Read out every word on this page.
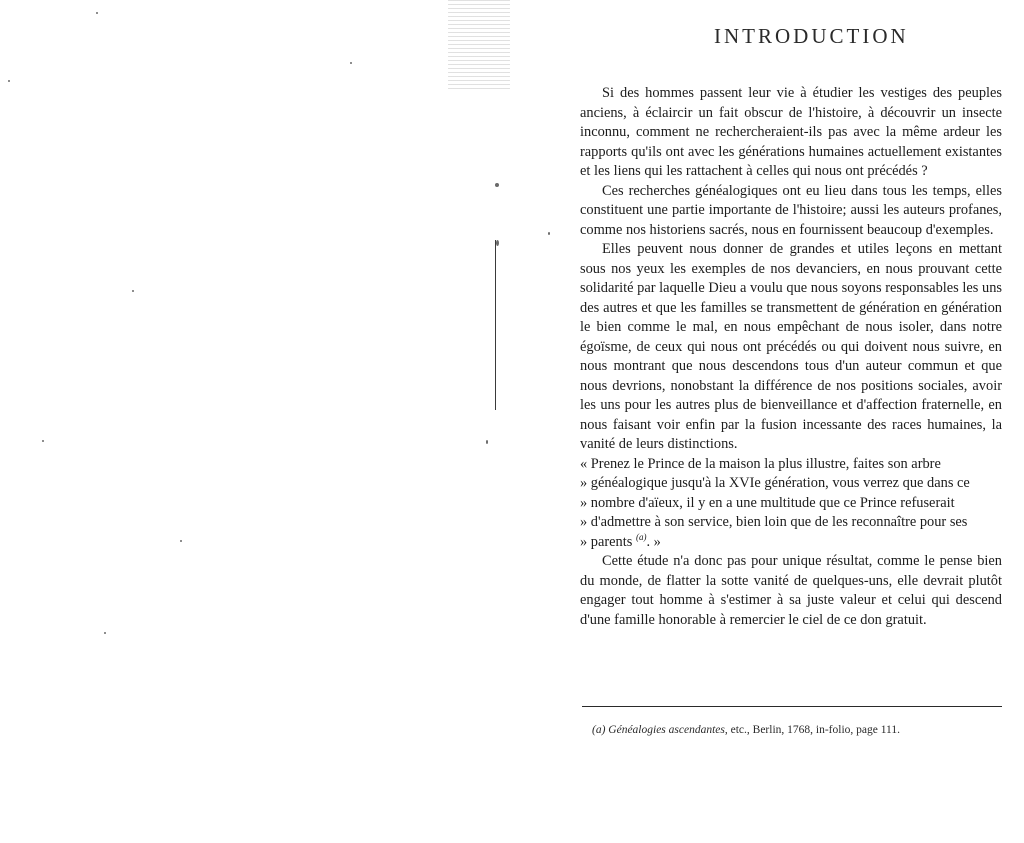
INTRODUCTION

Si des hommes passent leur vie à étudier les vestiges des peuples anciens, à éclaircir un fait obscur de l'histoire, à découvrir un insecte inconnu, comment ne rechercheraient-ils pas avec la même ardeur les rapports qu'ils ont avec les générations humaines actuellement existantes et les liens qui les rattachent à celles qui nous ont précédés ?

Ces recherches généalogiques ont eu lieu dans tous les temps, elles constituent une partie importante de l'histoire; aussi les auteurs profanes, comme nos historiens sacrés, nous en fournissent beaucoup d'exemples.

Elles peuvent nous donner de grandes et utiles leçons en mettant sous nos yeux les exemples de nos devanciers, en nous prouvant cette solidarité par laquelle Dieu a voulu que nous soyons responsables les uns des autres et que les familles se transmettent de génération en génération le bien comme le mal, en nous empêchant de nous isoler, dans notre égoïsme, de ceux qui nous ont précédés ou qui doivent nous suivre, en nous montrant que nous descendons tous d'un auteur commun et que nous devrions, nonobstant la différence de nos positions sociales, avoir les uns pour les autres plus de bienveillance et d'affection fraternelle, en nous faisant voir enfin par la fusion incessante des races humaines, la vanité de leurs distinctions.

« Prenez le Prince de la maison la plus illustre, faites son arbre
» généalogique jusqu'à la XVIe génération, vous verrez que dans ce
» nombre d'aïeux, il y en a une multitude que ce Prince refuserait
» d'admettre à son service, bien loin que de les reconnaître pour ses
» parents $^{(a)}$. »

Cette étude n'a donc pas pour unique résultat, comme le pense bien du monde, de flatter la sotte vanité de quelques-uns, elle devrait plutôt engager tout homme à s'estimer à sa juste valeur et celui qui descend d'une famille honorable à remercier le ciel de ce don gratuit.

(a) Généalogies ascendantes, etc., Berlin, 1768, in-folio, page 111.
